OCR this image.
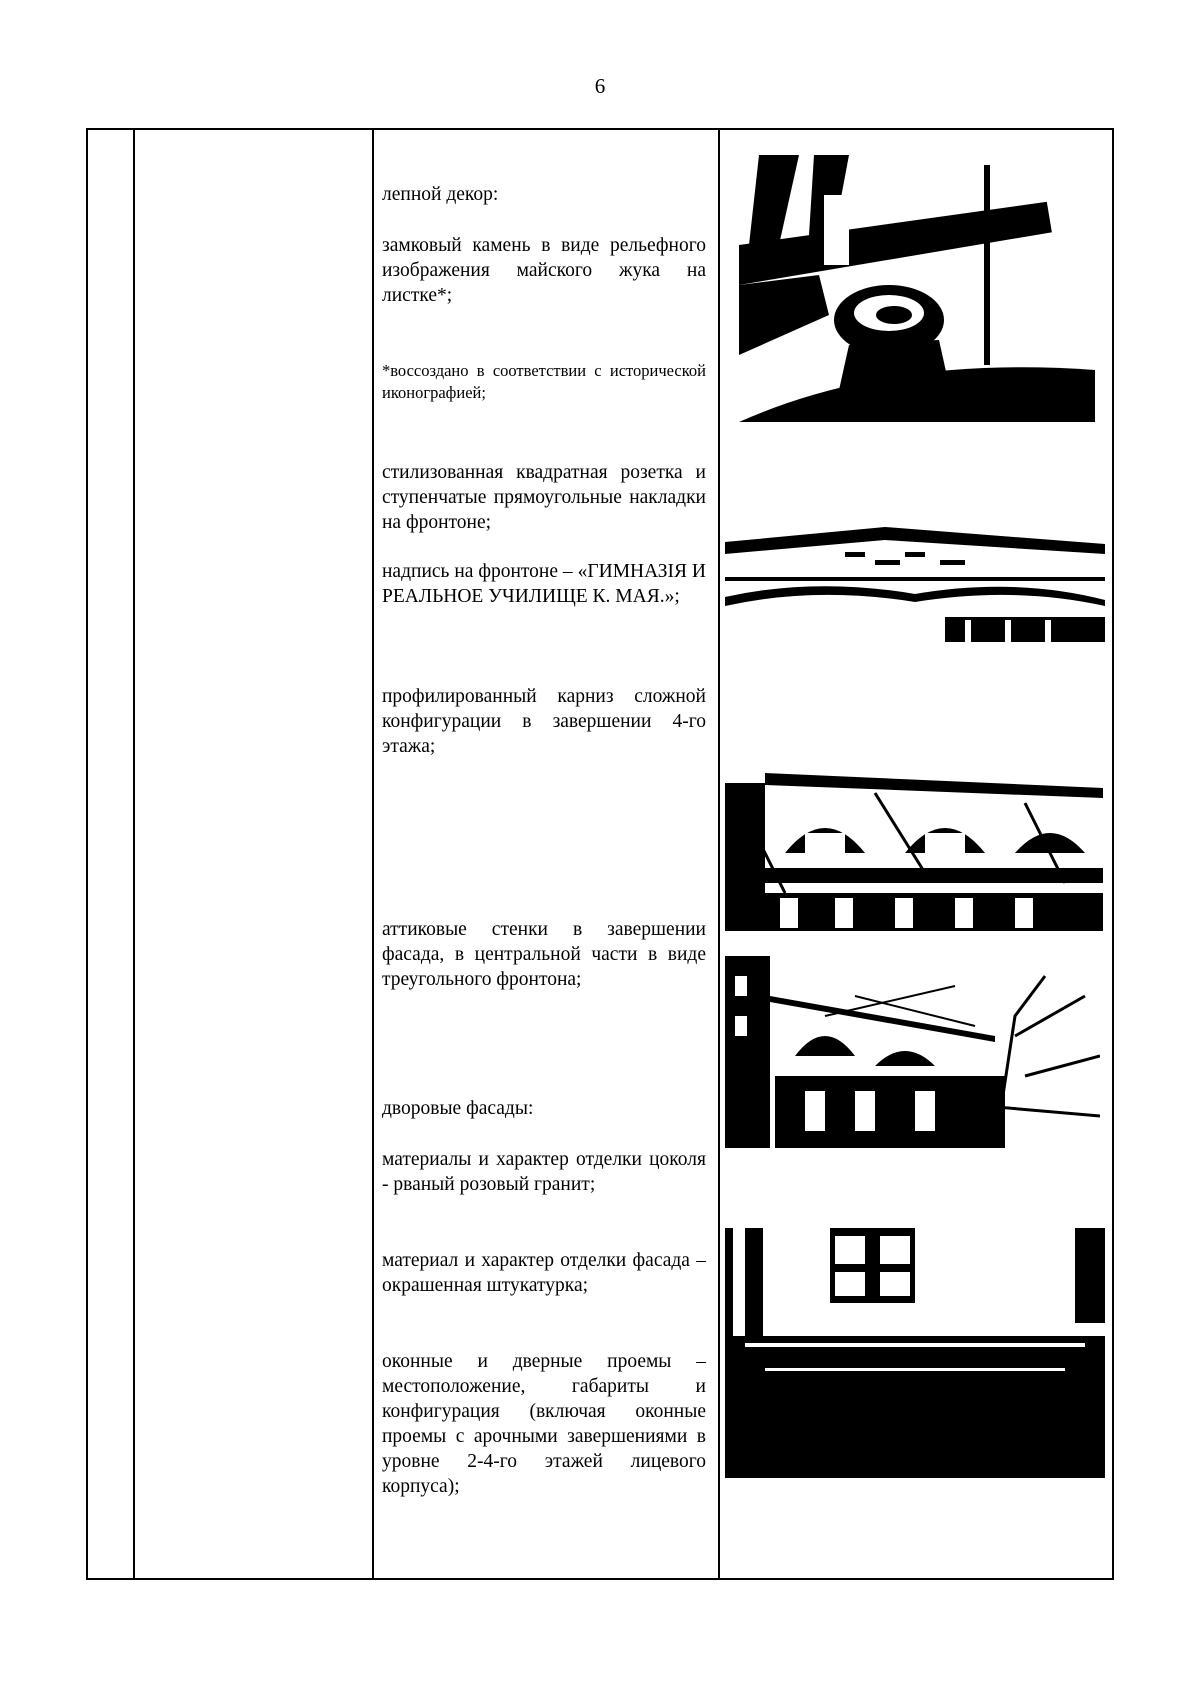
6
лепной декор:
замковый камень в виде рельефного изображения майского жука на листке*;
*воссоздано в соответствии с исторической иконографией;
стилизованная квадратная розетка и ступенчатые прямоугольные накладки на фронтоне;
надпись на фронтоне – «ГИМНАЗІЯ И РЕАЛЬНОЕ УЧИЛИЩЕ К. МАЯ.»;
профилированный карниз сложной конфигурации в завершении 4-го этажа;
аттиковые стенки в завершении фасада, в центральной части в виде треугольного фронтона;
дворовые фасады:
материалы и характер отделки цоколя - рваный розовый гранит;
материал и характер отделки фасада – окрашенная штукатурка;
оконные и дверные проемы – местоположение, габариты и конфигурация (включая оконные проемы с арочными завершениями в уровне 2-4-го этажей лицевого корпуса);
